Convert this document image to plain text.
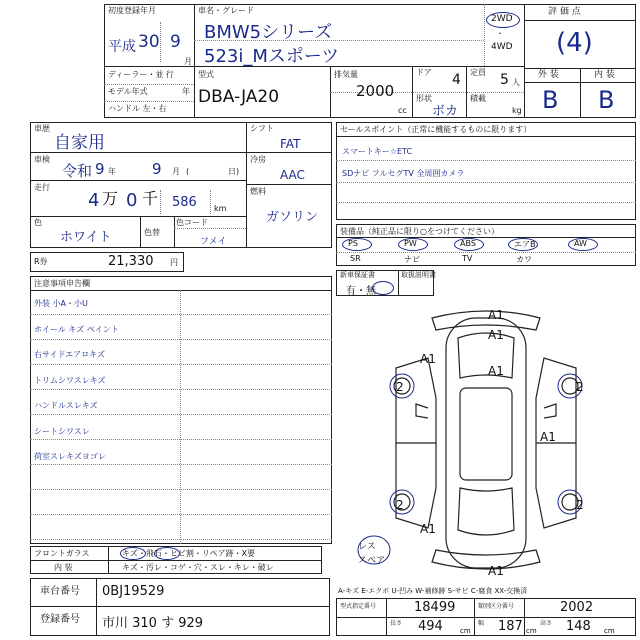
初度登録年月
平成 30 9
月
車名・グレード
BMW5シリーズ
523i_Mスポーツ
2WD
・
4WD
評 価 点
(4)
ディーラー・並 行
モデル年式	年
ハンドル 左・右
型式
DBA-JA20
排気量
2000
cc
ドア 4
形状
ボカ
定員 5 人
積載
kg
外 装	内 装
B B
車歴
自家用
車検
令和 9 年 9 月	日)
(
走行
4 万 0 千 586 km
色
ホワイト	色替
色コード
フメイ
シフト
FAT
冷房
AAC
燃料
ガソリン
R券	21,330 円
セールスポイント（正常に機能するものに限ります）
スマートキー☆ETC
SDナビ フルセグTV 全周囲カメラ
装備品（純正品に限り○をつけてください）
PS	PW	ABS	エアB	AW
SR	ナビ	TV	カワ
新車保証書	取扱説明書
有・無
注意事項申告欄
外装 小A・小U
ホイール キズ ペイント
右サイドエアロキズ
トリムシワスレキズ
ハンドルスレキズ
シートシワスレ
荷室スレキズヨゴレ
フロントガラス	キズ・飛石・ヒビ割・リペア跡・X要
内 装	キズ・汚レ・コゲ・穴・スレ・キレ・破レ
車台番号 0BJ19529
登録番号 市川 310 す 929
A1
A1
A1
A1
2	2
A1
2	2
A1
A1
レス
スペア
A-キズ E-エクボ U-凹み W-補修跡 S-サビ C-腐食 XX-交換済
型式指定番号	18499	類別区分番号	2002
長さ 494 cm
幅 187 cm
高さ 148 cm
